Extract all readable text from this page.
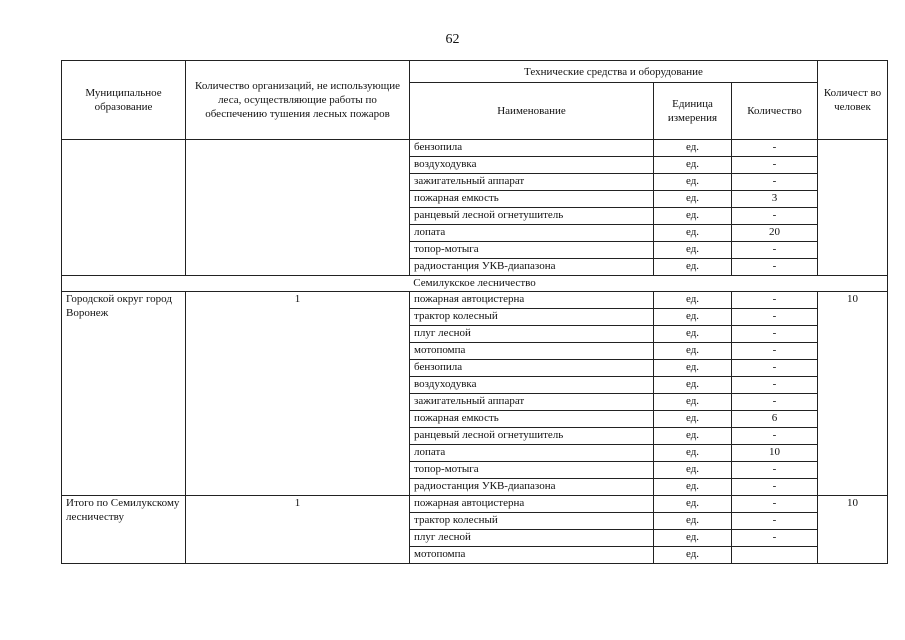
62
Муниципальное образование	Количество организаций, не использующие леса, осуществляющие работы по обеспечению тушения лесных пожаров	Технические средства и оборудование			Количест во человек
		Наименование	Единица измерения	Количество	
		бензопила	ед.	-	
		воздуходувка	ед.	-	
		зажигательный аппарат	ед.	-	
		пожарная емкость	ед.	3	
		ранцевый лесной огнетушитель	ед.	-	
		лопата	ед.	20	
		топор-мотыга	ед.	-	
		радиостанция УКВ-диапазона	ед.	-	
Семилукское лесничество					
Городской округ город Воронеж	1	пожарная автоцистерна	ед.	-	10
		трактор колесный	ед.	-	
		плуг лесной	ед.	-	
		мотопомпа	ед.	-	
		бензопила	ед.	-	
		воздуходувка	ед.	-	
		зажигательный аппарат	ед.	-	
		пожарная емкость	ед.	6	
		ранцевый лесной огнетушитель	ед.	-	
		лопата	ед.	10	
		топор-мотыга	ед.	-	
		радиостанция УКВ-диапазона	ед.	-	
Итого по Семилукскому лесничеству	1	пожарная автоцистерна	ед.	-	10
		трактор колесный	ед.	-	
		плуг лесной	ед.	-	
		мотопомпа	ед.		
